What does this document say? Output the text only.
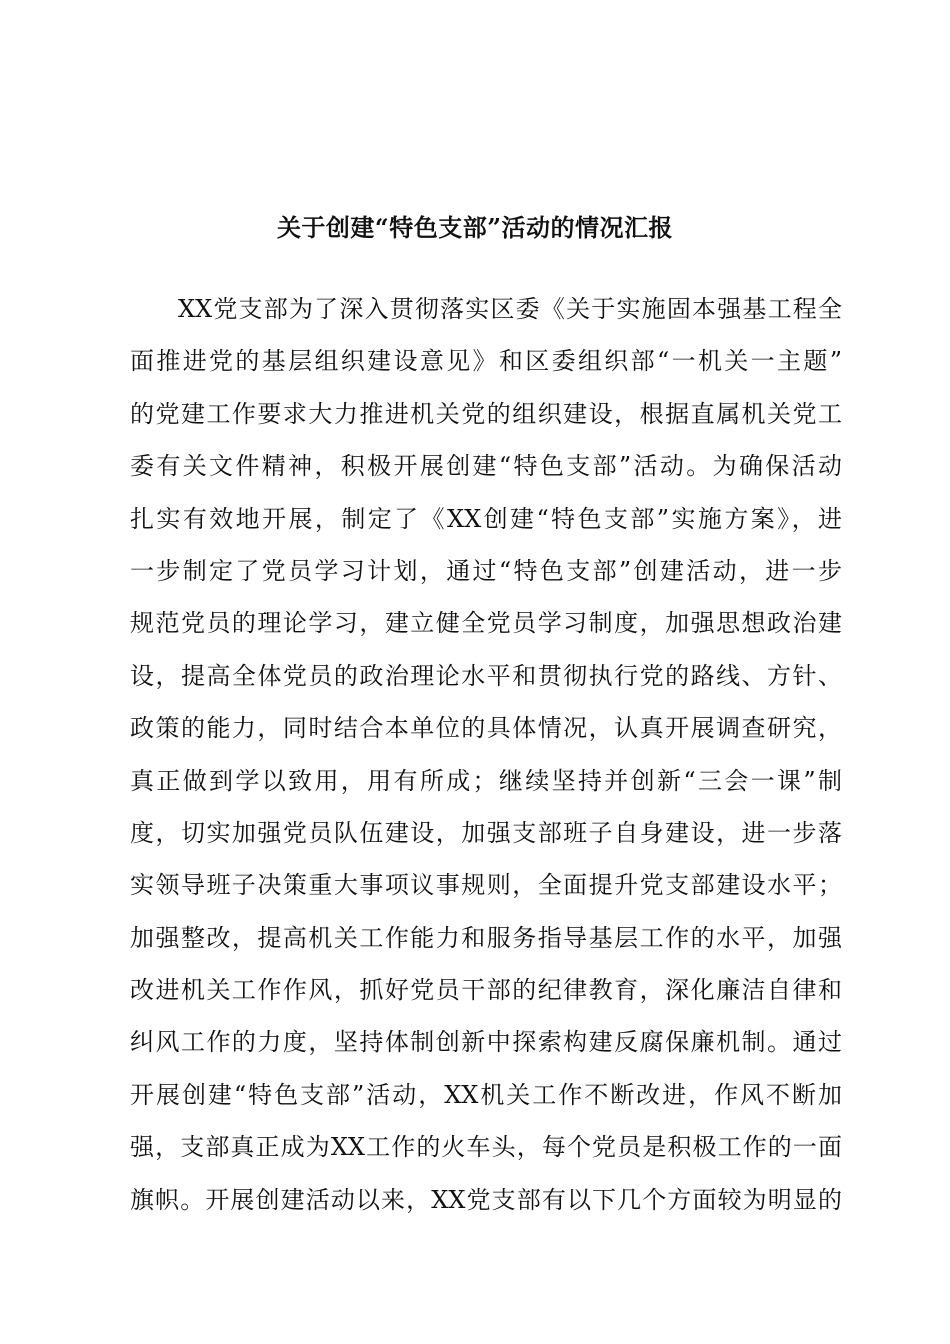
关于创建“特色支部”活动的情况汇报
XX党支部为了深入贯彻落实区委《关于实施固本强基工程全
面推进党的基层组织建设意见》和区委组织部“一机关一主题”
的党建工作要求大力推进机关党的组织建设，根据直属机关党工
委有关文件精神，积极开展创建“特色支部”活动。为确保活动
扎实有效地开展，制定了《XX创建“特色支部”实施方案》，进
一步制定了党员学习计划，通过“特色支部”创建活动，进一步
规范党员的理论学习，建立健全党员学习制度，加强思想政治建
设，提高全体党员的政治理论水平和贯彻执行党的路线、方针、
政策的能力，同时结合本单位的具体情况，认真开展调查研究，
真正做到学以致用，用有所成；继续坚持并创新“三会一课”制
度，切实加强党员队伍建设，加强支部班子自身建设，进一步落
实领导班子决策重大事项议事规则，全面提升党支部建设水平；
加强整改，提高机关工作能力和服务指导基层工作的水平，加强
改进机关工作作风，抓好党员干部的纪律教育，深化廉洁自律和
纠风工作的力度，坚持体制创新中探索构建反腐保廉机制。通过
开展创建“特色支部”活动，XX机关工作不断改进，作风不断加
强，支部真正成为XX工作的火车头，每个党员是积极工作的一面
旗帜。开展创建活动以来，XX党支部有以下几个方面较为明显的
